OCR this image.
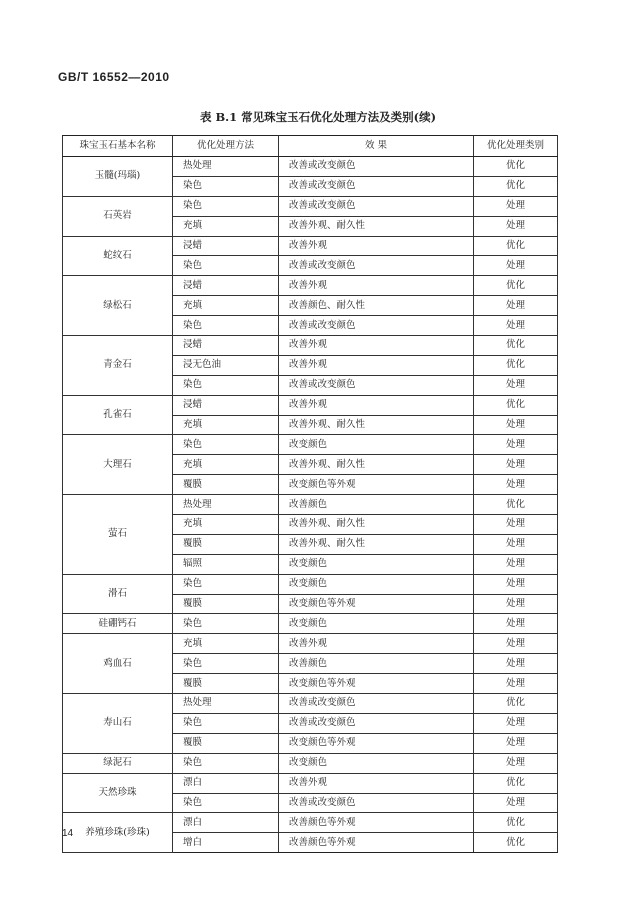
GB/T 16552—2010
表 B.1 常见珠宝玉石优化处理方法及类别(续)
珠宝玉石基本名称	优化处理方法	效 果	优化处理类别
玉髓(玛瑙)	热处理	改善或改变颜色	优化
	染色	改善或改变颜色	优化
石英岩	染色	改善或改变颜色	处理
	充填	改善外观、耐久性	处理
蛇纹石	浸蜡	改善外观	优化
	染色	改善或改变颜色	处理
绿松石	浸蜡	改善外观	优化
	充填	改善颜色、耐久性	处理
	染色	改善或改变颜色	处理
青金石	浸蜡	改善外观	优化
	浸无色油	改善外观	优化
	染色	改善或改变颜色	处理
孔雀石	浸蜡	改善外观	优化
	充填	改善外观、耐久性	处理
大理石	染色	改变颜色	处理
	充填	改善外观、耐久性	处理
	覆膜	改变颜色等外观	处理
萤石	热处理	改善颜色	优化
	充填	改善外观、耐久性	处理
	覆膜	改善外观、耐久性	处理
	辐照	改变颜色	处理
滑石	染色	改变颜色	处理
	覆膜	改变颜色等外观	处理
硅硼钙石	染色	改变颜色	处理
鸡血石	充填	改善外观	处理
	染色	改善颜色	处理
	覆膜	改变颜色等外观	处理
寿山石	热处理	改善或改变颜色	优化
	染色	改善或改变颜色	处理
	覆膜	改变颜色等外观	处理
绿泥石	染色	改变颜色	处理
天然珍珠	漂白	改善外观	优化
	染色	改善或改变颜色	处理
养殖珍珠(珍珠)	漂白	改善颜色等外观	优化
	增白	改善颜色等外观	优化
14
